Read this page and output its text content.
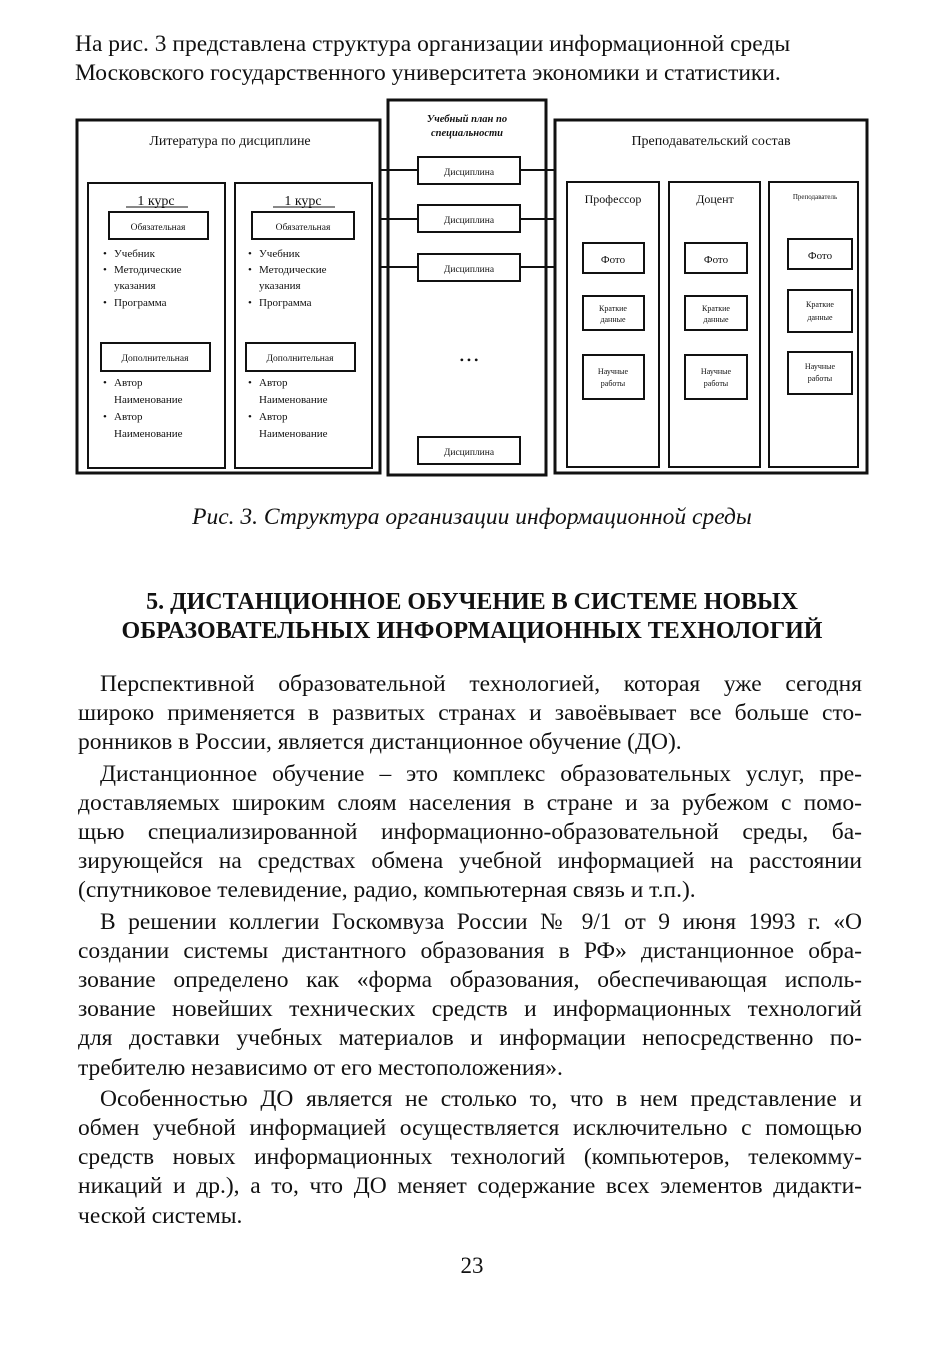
На рис. 3 представлена структура организации информационной среды
Московского государственного университета экономики и статистики.
Литература по дисциплине
Учебный план по
специальности
Преподавательский состав
1 курс	1 курс
Обязательная	Обязательная
• Учебник
• Методические
указания
• Программа
• Учебник
• Методические
указания
• Программа
Дополнительная	Дополнительная
• Автор
Наименование
• Автор
Наименование
• Автор
Наименование
• Автор
Наименование
Дисциплина
Дисциплина
Дисциплина
Дисциплина
• • •
Профессор	Доцент	Преподаватель
Фото	Фото	Фото
Краткие
данные
Краткие
данные
Краткие
данные
Научные
работы
Научные
работы
Научные
работы
Рис. 3. Структура организации информационной среды
5. ДИСТАНЦИОННОЕ ОБУЧЕНИЕ В СИСТЕМЕ НОВЫХ
ОБРАЗОВАТЕЛЬНЫХ ИНФОРМАЦИОННЫХ ТЕХНОЛОГИЙ
Перспективной образовательной технологией, которая уже сегодня
широко применяется в развитых странах и завоёвывает все больше сто-
ронников в России, является дистанционное обучение (ДО).
Дистанционное обучение – это комплекс образовательных услуг, пре-
доставляемых широким слоям населения в стране и за рубежом с помо-
щью специализированной информационно-образовательной среды, ба-
зирующейся на средствах обмена учебной информацией на расстоянии
(спутниковое телевидение, радио, компьютерная связь и т.п.).
В решении коллегии Госкомвуза России № 9/1 от 9 июня 1993 г. «О
создании системы дистантного образования в РФ» дистанционное обра-
зование определено как «форма образования, обеспечивающая исполь-
зование новейших технических средств и информационных технологий
для доставки учебных материалов и информации непосредственно по-
требителю независимо от его местоположения».
Особенностью ДО является не столько то, что в нем представление и
обмен учебной информацией осуществляется исключительно с помощью
средств новых информационных технологий (компьютеров, телекомму-
никаций и др.), а то, что ДО меняет содержание всех элементов дидакти-
ческой системы.
23
